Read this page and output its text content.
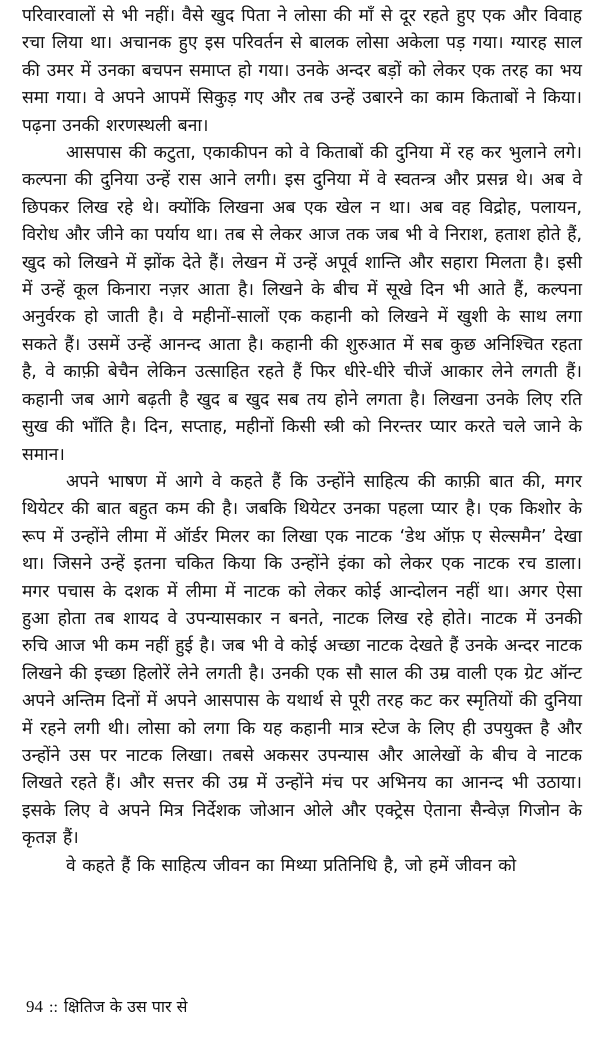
परिवारवालों से भी नहीं। वैसे खुद पिता ने लोसा की माँ से दूर रहते हुए एक और विवाह रचा लिया था। अचानक हुए इस परिवर्तन से बालक लोसा अकेला पड़ गया। ग्यारह साल की उमर में उनका बचपन समाप्त हो गया। उनके अन्दर बड़ों को लेकर एक तरह का भय समा गया। वे अपने आपमें सिकुड़ गए और तब उन्हें उबारने का काम किताबों ने किया। पढ़ना उनकी शरणस्थली बना।

आसपास की कटुता, एकाकीपन को वे किताबों की दुनिया में रह कर भुलाने लगे। कल्पना की दुनिया उन्हें रास आने लगी। इस दुनिया में वे स्वतन्त्र और प्रसन्न थे। अब वे छिपकर लिख रहे थे। क्योंकि लिखना अब एक खेल न था। अब वह विद्रोह, पलायन, विरोध और जीने का पर्याय था। तब से लेकर आज तक जब भी वे निराश, हताश होते हैं, खुद को लिखने में झोंक देते हैं। लेखन में उन्हें अपूर्व शान्ति और सहारा मिलता है। इसी में उन्हें कूल किनारा नज़र आता है। लिखने के बीच में सूखे दिन भी आते हैं, कल्पना अनुर्वरक हो जाती है। वे महीनों-सालों एक कहानी को लिखने में खुशी के साथ लगा सकते हैं। उसमें उन्हें आनन्द आता है। कहानी की शुरुआत में सब कुछ अनिश्चित रहता है, वे काफ़ी बेचैन लेकिन उत्साहित रहते हैं फिर धीरे-धीरे चीजें आकार लेने लगती हैं। कहानी जब आगे बढ़ती है खुद ब खुद सब तय होने लगता है। लिखना उनके लिए रति सुख की भाँति है। दिन, सप्ताह, महीनों किसी स्त्री को निरन्तर प्यार करते चले जाने के समान।

अपने भाषण में आगे वे कहते हैं कि उन्होंने साहित्य की काफ़ी बात की, मगर थियेटर की बात बहुत कम की है। जबकि थियेटर उनका पहला प्यार है। एक किशोर के रूप में उन्होंने लीमा में ऑर्डर मिलर का लिखा एक नाटक ‘डेथ ऑफ़ ए सेल्समैन’ देखा था। जिसने उन्हें इतना चकित किया कि उन्होंने इंका को लेकर एक नाटक रच डाला। मगर पचास के दशक में लीमा में नाटक को लेकर कोई आन्दोलन नहीं था। अगर ऐसा हुआ होता तब शायद वे उपन्यासकार न बनते, नाटक लिख रहे होते। नाटक में उनकी रुचि आज भी कम नहीं हुई है। जब भी वे कोई अच्छा नाटक देखते हैं उनके अन्दर नाटक लिखने की इच्छा हिलोरें लेने लगती है। उनकी एक सौ साल की उम्र वाली एक ग्रेट ऑन्ट अपने अन्तिम दिनों में अपने आसपास के यथार्थ से पूरी तरह कट कर स्मृतियों की दुनिया में रहने लगी थी। लोसा को लगा कि यह कहानी मात्र स्टेज के लिए ही उपयुक्त है और उन्होंने उस पर नाटक लिखा। तबसे अकसर उपन्यास और आलेखों के बीच वे नाटक लिखते रहते हैं। और सत्तर की उम्र में उन्होंने मंच पर अभिनय का आनन्द भी उठाया। इसके लिए वे अपने मित्र निर्देशक जोआन ओले और एक्ट्रेस ऐताना सैन्वेज़ गिजोन के कृतज्ञ हैं।

वे कहते हैं कि साहित्य जीवन का मिथ्या प्रतिनिधि है, जो हमें जीवन को

94 :: क्षितिज के उस पार से
